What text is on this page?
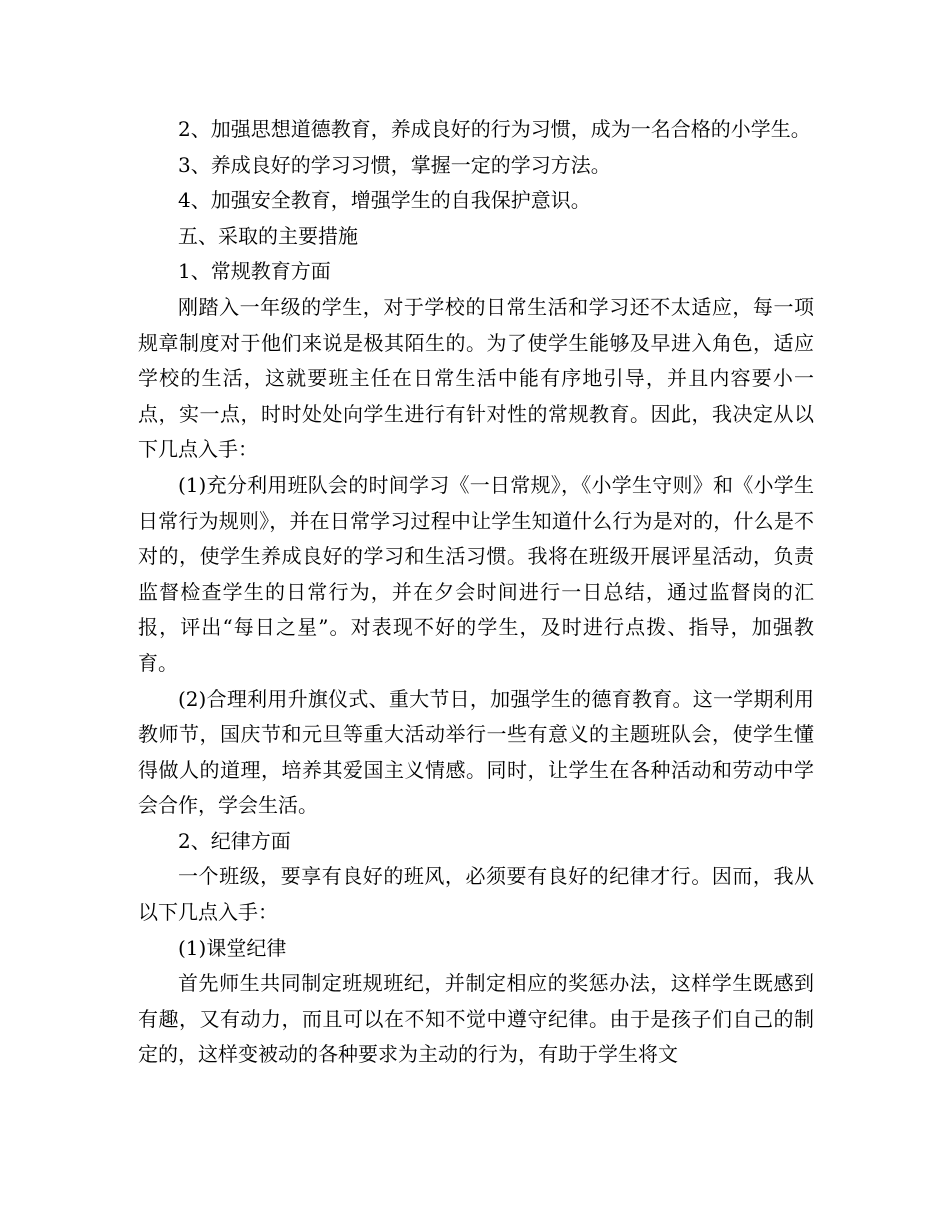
2、加强思想道德教育，养成良好的行为习惯，成为一名合格的小学生。

3、养成良好的学习习惯，掌握一定的学习方法。

4、加强安全教育，增强学生的自我保护意识。

五、采取的主要措施

1、常规教育方面

刚踏入一年级的学生，对于学校的日常生活和学习还不太适应，每一项规章制度对于他们来说是极其陌生的。为了使学生能够及早进入角色，适应学校的生活，这就要班主任在日常生活中能有序地引导，并且内容要小一点，实一点，时时处处向学生进行有针对性的常规教育。因此，我决定从以下几点入手：

(1)充分利用班队会的时间学习《一日常规》，《小学生守则》和《小学生日常行为规则》，并在日常学习过程中让学生知道什么行为是对的，什么是不对的，使学生养成良好的学习和生活习惯。我将在班级开展评星活动，负责监督检查学生的日常行为，并在夕会时间进行一日总结，通过监督岗的汇报，评出“每日之星”。对表现不好的学生，及时进行点拨、指导，加强教育。

(2)合理利用升旗仪式、重大节日，加强学生的德育教育。这一学期利用教师节，国庆节和元旦等重大活动举行一些有意义的主题班队会，使学生懂得做人的道理，培养其爱国主义情感。同时，让学生在各种活动和劳动中学会合作，学会生活。

2、纪律方面

一个班级，要享有良好的班风，必须要有良好的纪律才行。因而，我从以下几点入手：

(1)课堂纪律

首先师生共同制定班规班纪，并制定相应的奖惩办法，这样学生既感到有趣，又有动力，而且可以在不知不觉中遵守纪律。由于是孩子们自己的制定的，这样变被动的各种要求为主动的行为，有助于学生将文
